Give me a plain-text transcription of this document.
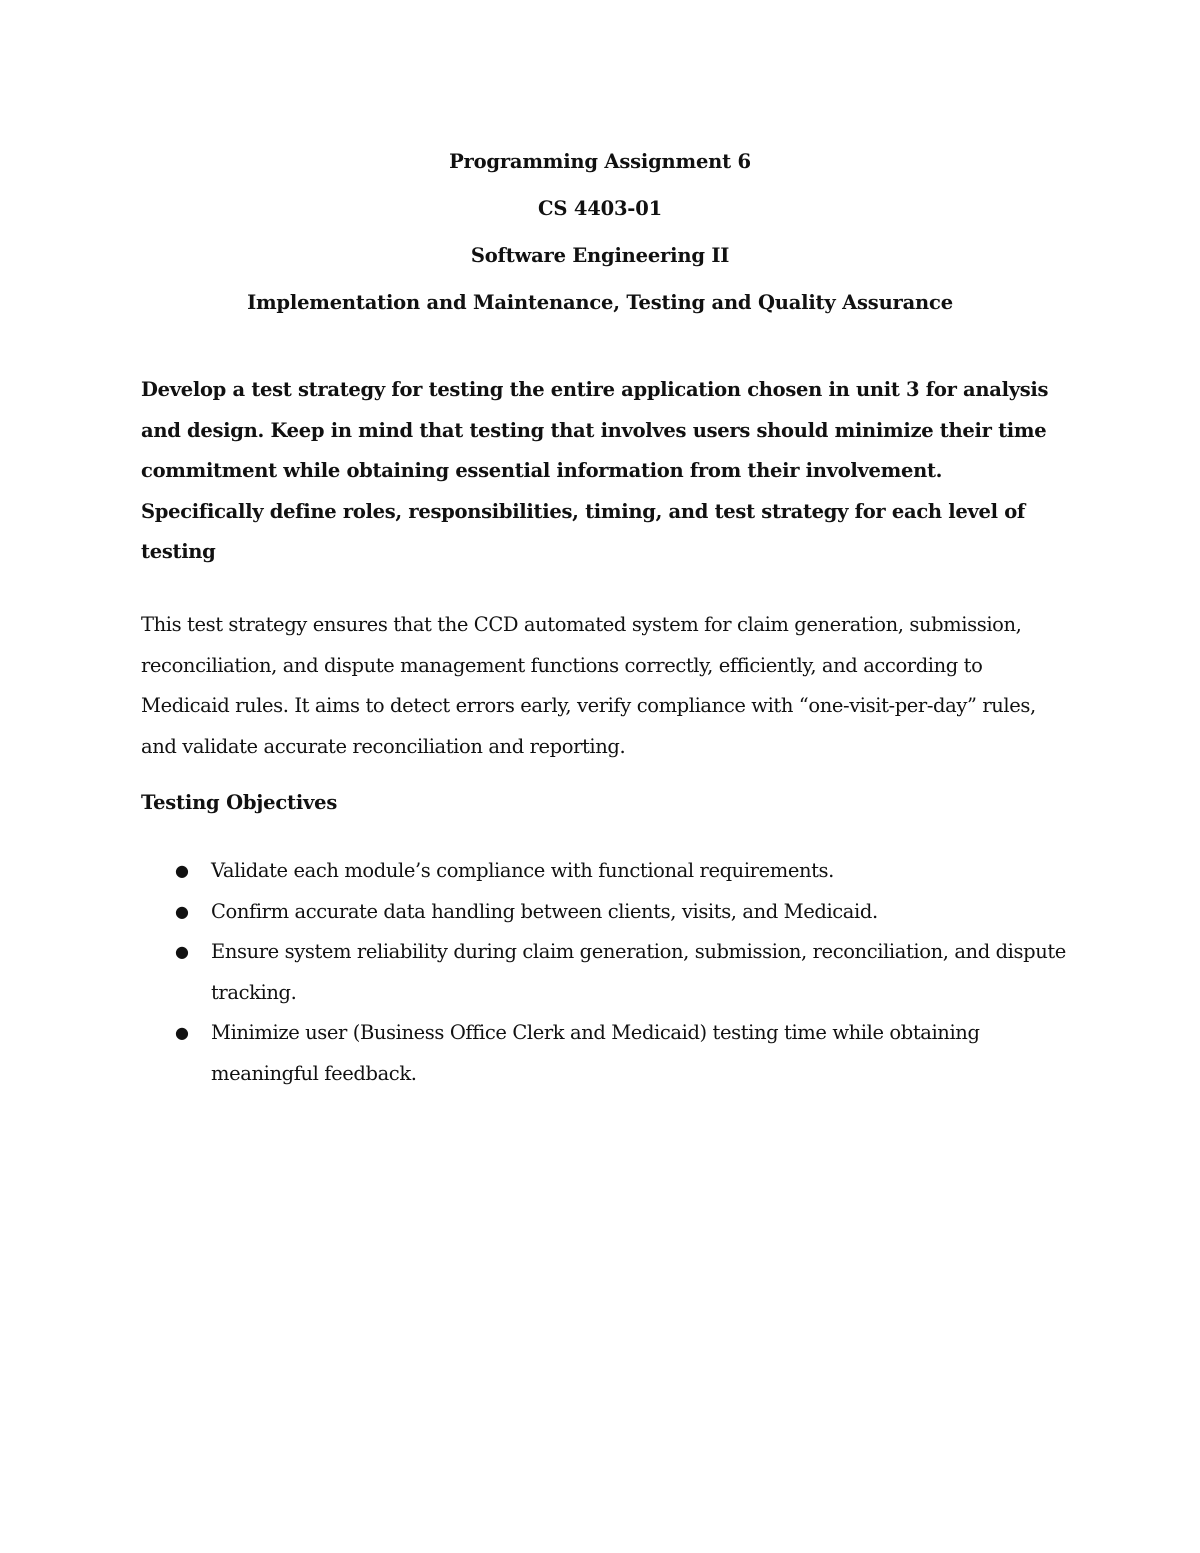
Programming Assignment 6

CS 4403-01

Software Engineering II

Implementation and Maintenance, Testing and Quality Assurance

Develop a test strategy for testing the entire application chosen in unit 3 for analysis and design. Keep in mind that testing that involves users should minimize their time commitment while obtaining essential information from their involvement. Specifically define roles, responsibilities, timing, and test strategy for each level of testing

This test strategy ensures that the CCD automated system for claim generation, submission, reconciliation, and dispute management functions correctly, efficiently, and according to Medicaid rules. It aims to detect errors early, verify compliance with “one-visit-per-day” rules, and validate accurate reconciliation and reporting.

Testing Objectives

● Validate each module’s compliance with functional requirements.
● Confirm accurate data handling between clients, visits, and Medicaid.
● Ensure system reliability during claim generation, submission, reconciliation, and dispute tracking.
● Minimize user (Business Office Clerk and Medicaid) testing time while obtaining meaningful feedback.
